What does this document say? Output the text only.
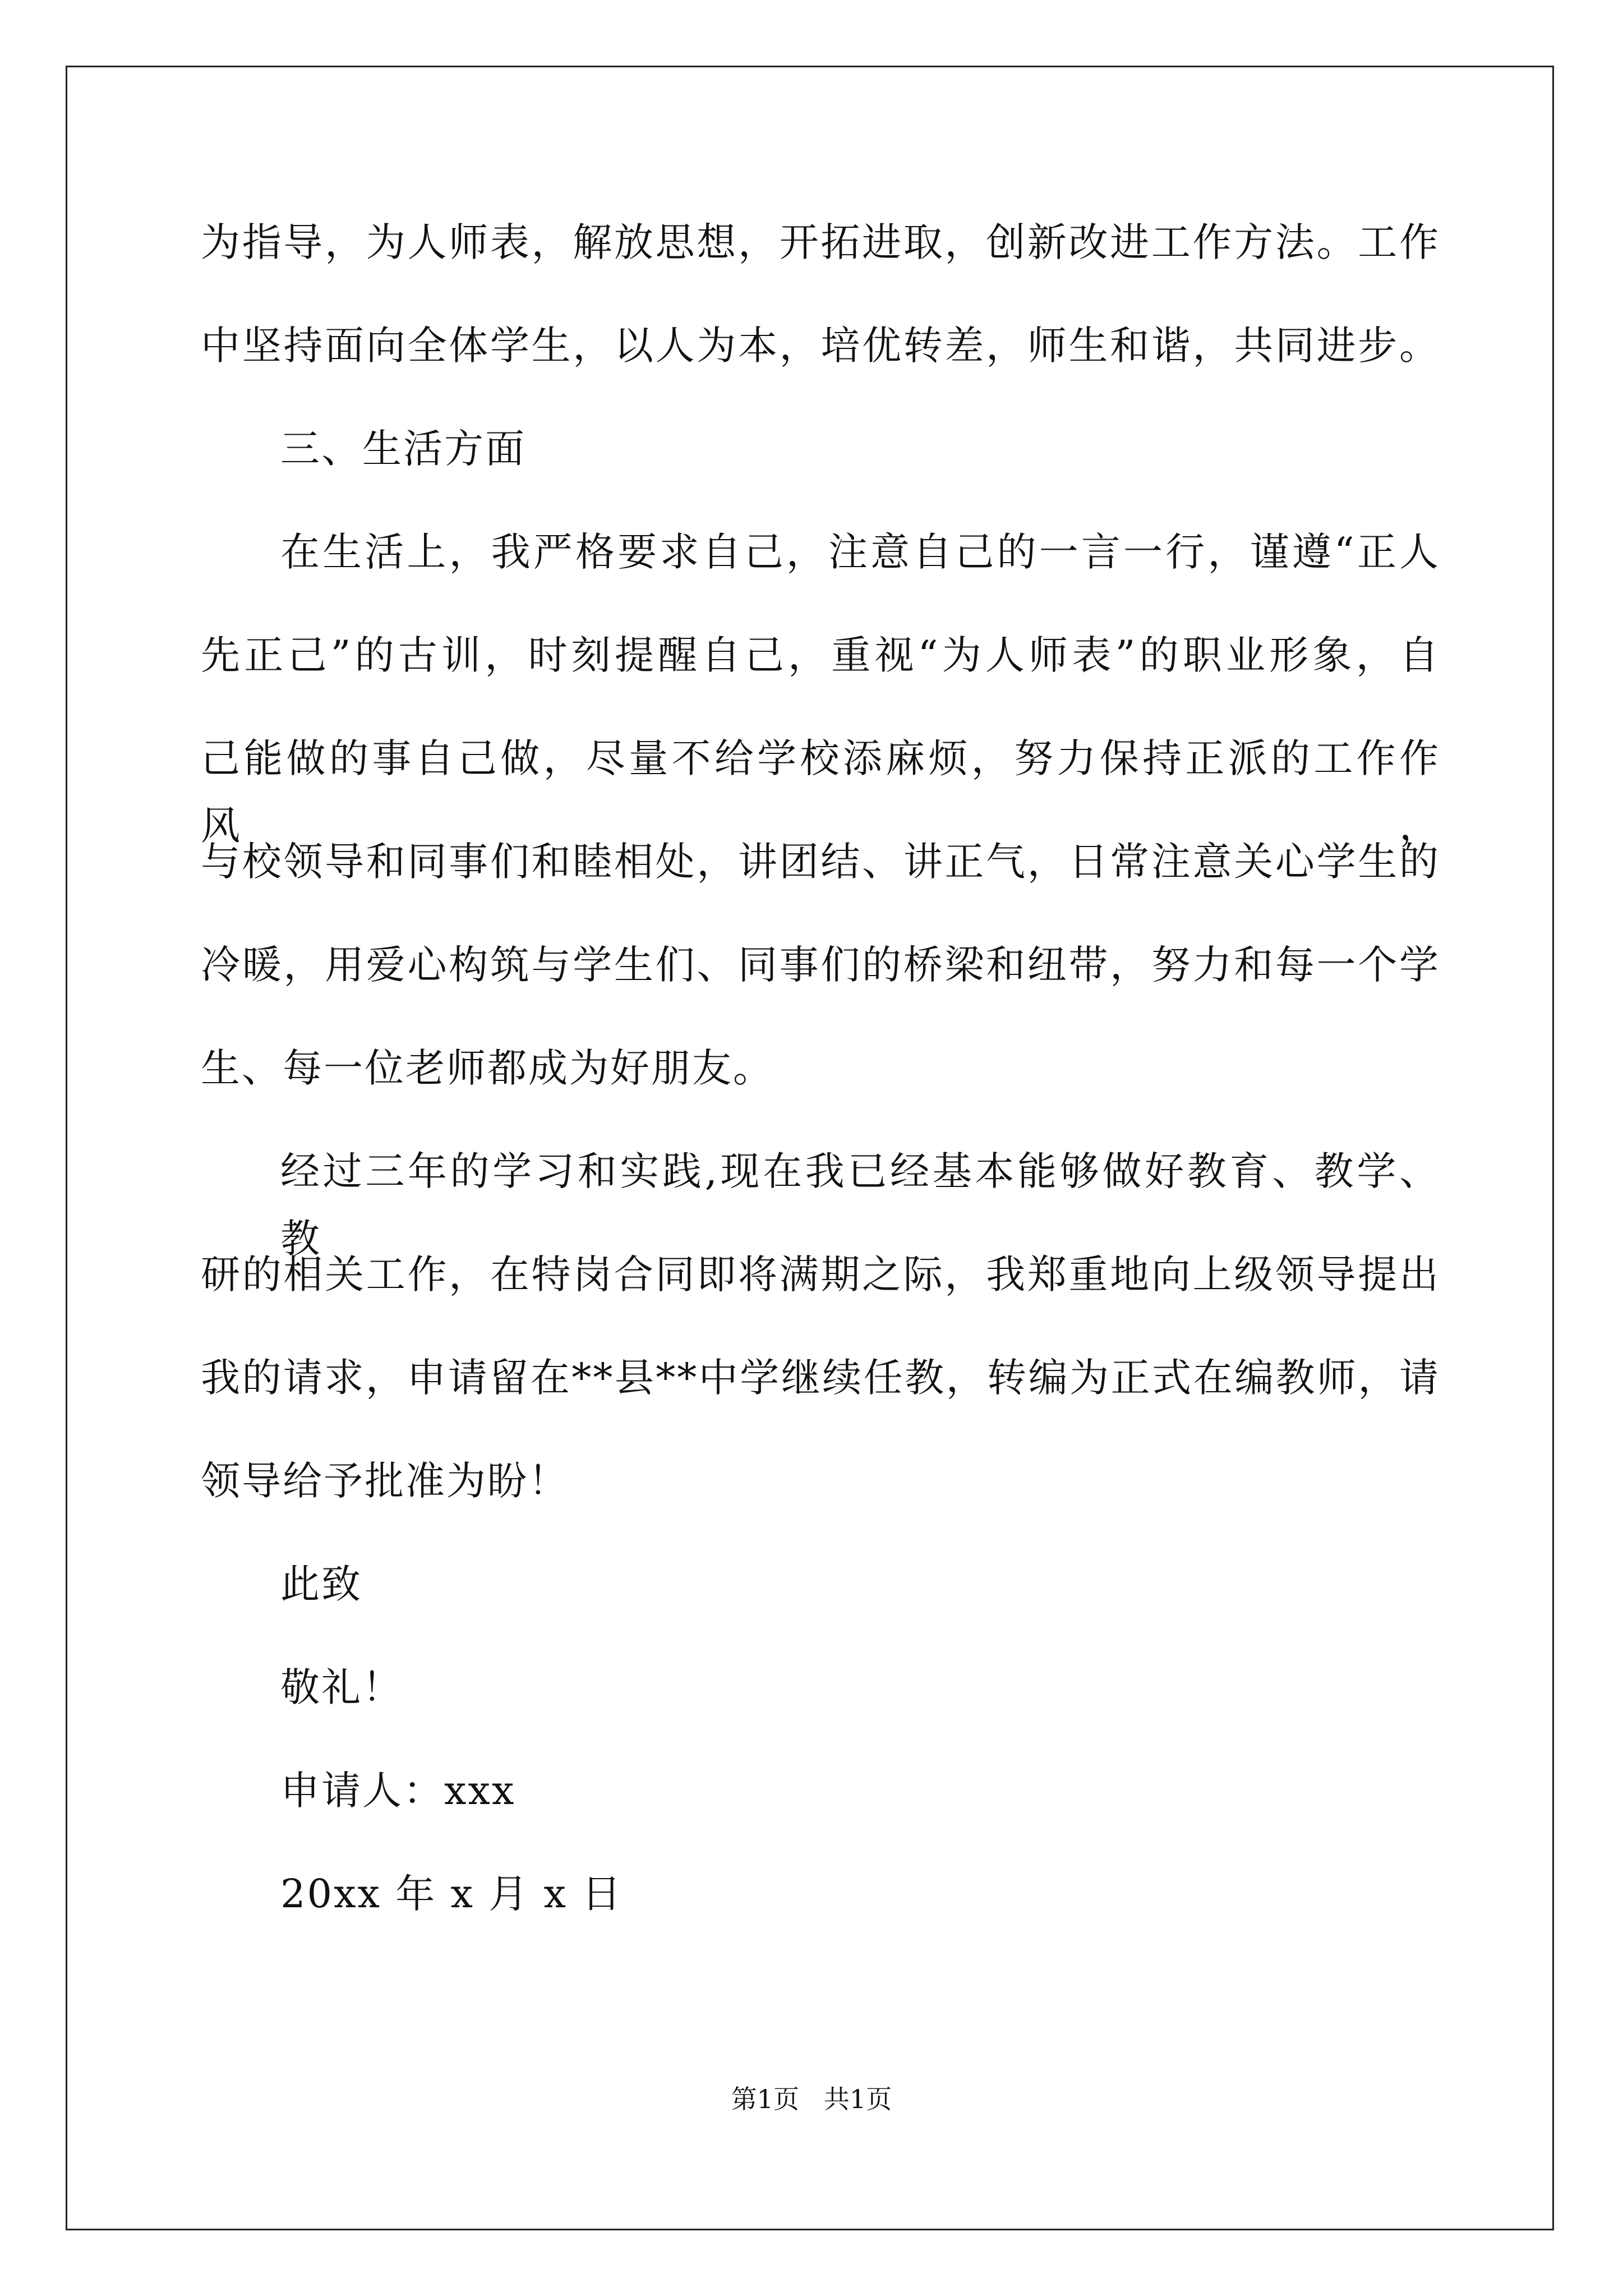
为指导，为人师表，解放思想，开拓进取，创新改进工作方法。工作
中坚持面向全体学生，以人为本，培优转差，师生和谐，共同进步。
三、生活方面
在生活上，我严格要求自己，注意自己的一言一行，谨遵“正人
先正己”的古训，时刻提醒自己，重视“为人师表”的职业形象，自
己能做的事自己做，尽量不给学校添麻烦，努力保持正派的工作作风，
与校领导和同事们和睦相处，讲团结、讲正气，日常注意关心学生的
冷暖，用爱心构筑与学生们、同事们的桥梁和纽带，努力和每一个学
生、每一位老师都成为好朋友。
经过三年的学习和实践,现在我已经基本能够做好教育、教学、教
研的相关工作，在特岗合同即将满期之际，我郑重地向上级领导提出
我的请求，申请留在**县**中学继续任教，转编为正式在编教师，请
领导给予批准为盼！
此致
敬礼！
申请人：xxx
20xx 年 x 月 x 日
第1页   共1页
